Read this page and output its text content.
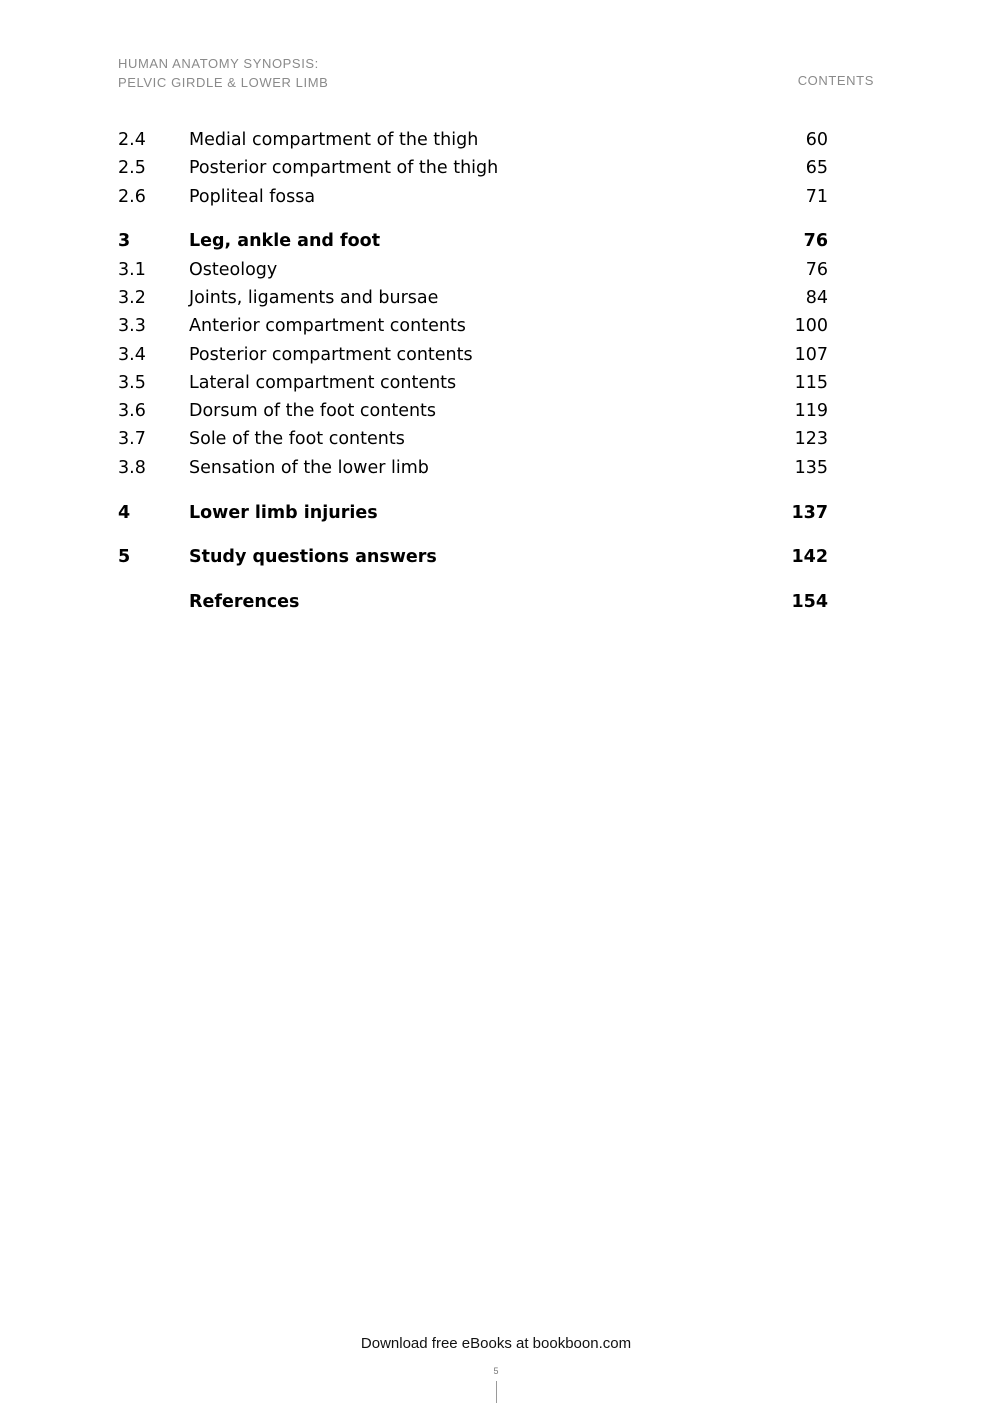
HUMAN ANATOMY SYNOPSIS:
PELVIC GIRDLE & LOWER LIMB	CONTENTS
2.4 Medial compartment of the thigh	60
2.5 Posterior compartment of the thigh	65
2.6 Popliteal fossa	71
3	Leg, ankle and foot	76
3.1 Osteology	76
3.2 Joints, ligaments and bursae	84
3.3 Anterior compartment contents	100
3.4 Posterior compartment contents	107
3.5 Lateral compartment contents	115
3.6 Dorsum of the foot contents	119
3.7 Sole of the foot contents	123
3.8 Sensation of the lower limb	135
4	Lower limb injuries	137
5	Study questions answers	142
References	154
Download free eBooks at bookboon.com
5
